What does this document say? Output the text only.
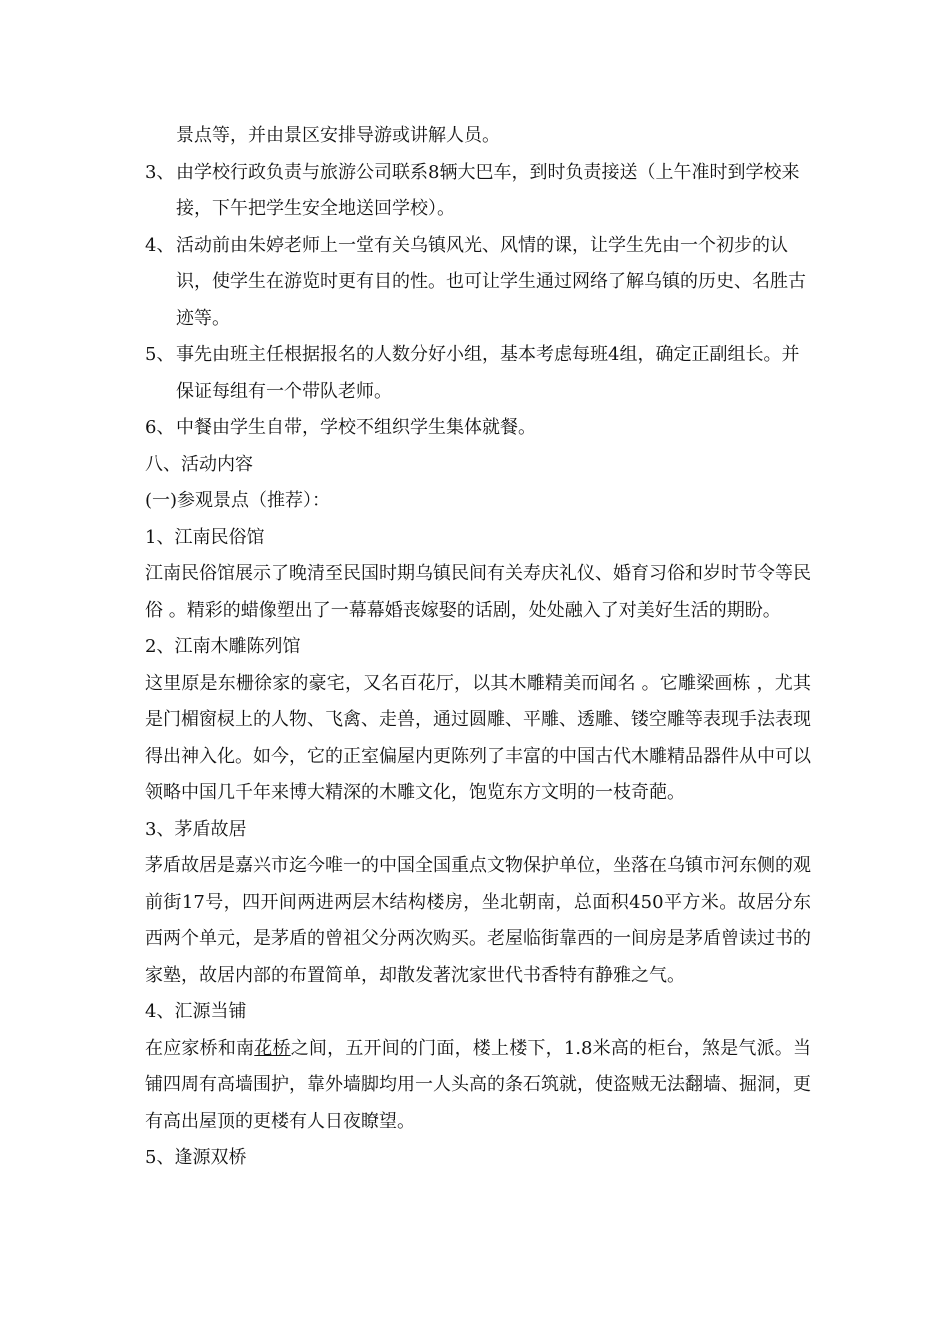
景点等，并由景区安排导游或讲解人员。
3、 由学校行政负责与旅游公司联系8辆大巴车，到时负责接送（上午准时到学校来接，下午把学生安全地送回学校）。
4、 活动前由朱婷老师上一堂有关乌镇风光、风情的课，让学生先由一个初步的认识，使学生在游览时更有目的性。也可让学生通过网络了解乌镇的历史、名胜古迹等。
5、 事先由班主任根据报名的人数分好小组，基本考虑每班4组，确定正副组长。并保证每组有一个带队老师。
6、 中餐由学生自带，学校不组织学生集体就餐。
八、活动内容
(一)参观景点（推荐）：
1、江南民俗馆
江南民俗馆展示了晚清至民国时期乌镇民间有关寿庆礼仪、婚育习俗和岁时节令等民俗 。精彩的蜡像塑出了一幕幕婚丧嫁娶的话剧，处处融入了对美好生活的期盼。
2、江南木雕陈列馆
这里原是东栅徐家的豪宅，又名百花厅，以其木雕精美而闻名 。它雕梁画栋 ，尤其是门楣窗棂上的人物、飞禽、走兽，通过圆雕、平雕、透雕、镂空雕等表现手法表现得出神入化。如今，它的正室偏屋内更陈列了丰富的中国古代木雕精品器件从中可以领略中国几千年来博大精深的木雕文化，饱览东方文明的一枝奇葩。
3、茅盾故居
茅盾故居是嘉兴市迄今唯一的中国全国重点文物保护单位，坐落在乌镇市河东侧的观前街17号，四开间两进两层木结构楼房，坐北朝南，总面积450平方米。故居分东西两个单元，是茅盾的曾祖父分两次购买。老屋临街靠西的一间房是茅盾曾读过书的家塾，故居内部的布置简单，却散发著沈家世代书香特有静雅之气。
4、汇源当铺
在应家桥和南花桥之间，五开间的门面，楼上楼下，1.8米高的柜台，煞是气派。当铺四周有高墙围护，靠外墙脚均用一人头高的条石筑就，使盗贼无法翻墙、掘洞，更有高出屋顶的更楼有人日夜瞭望。
5、逢源双桥
